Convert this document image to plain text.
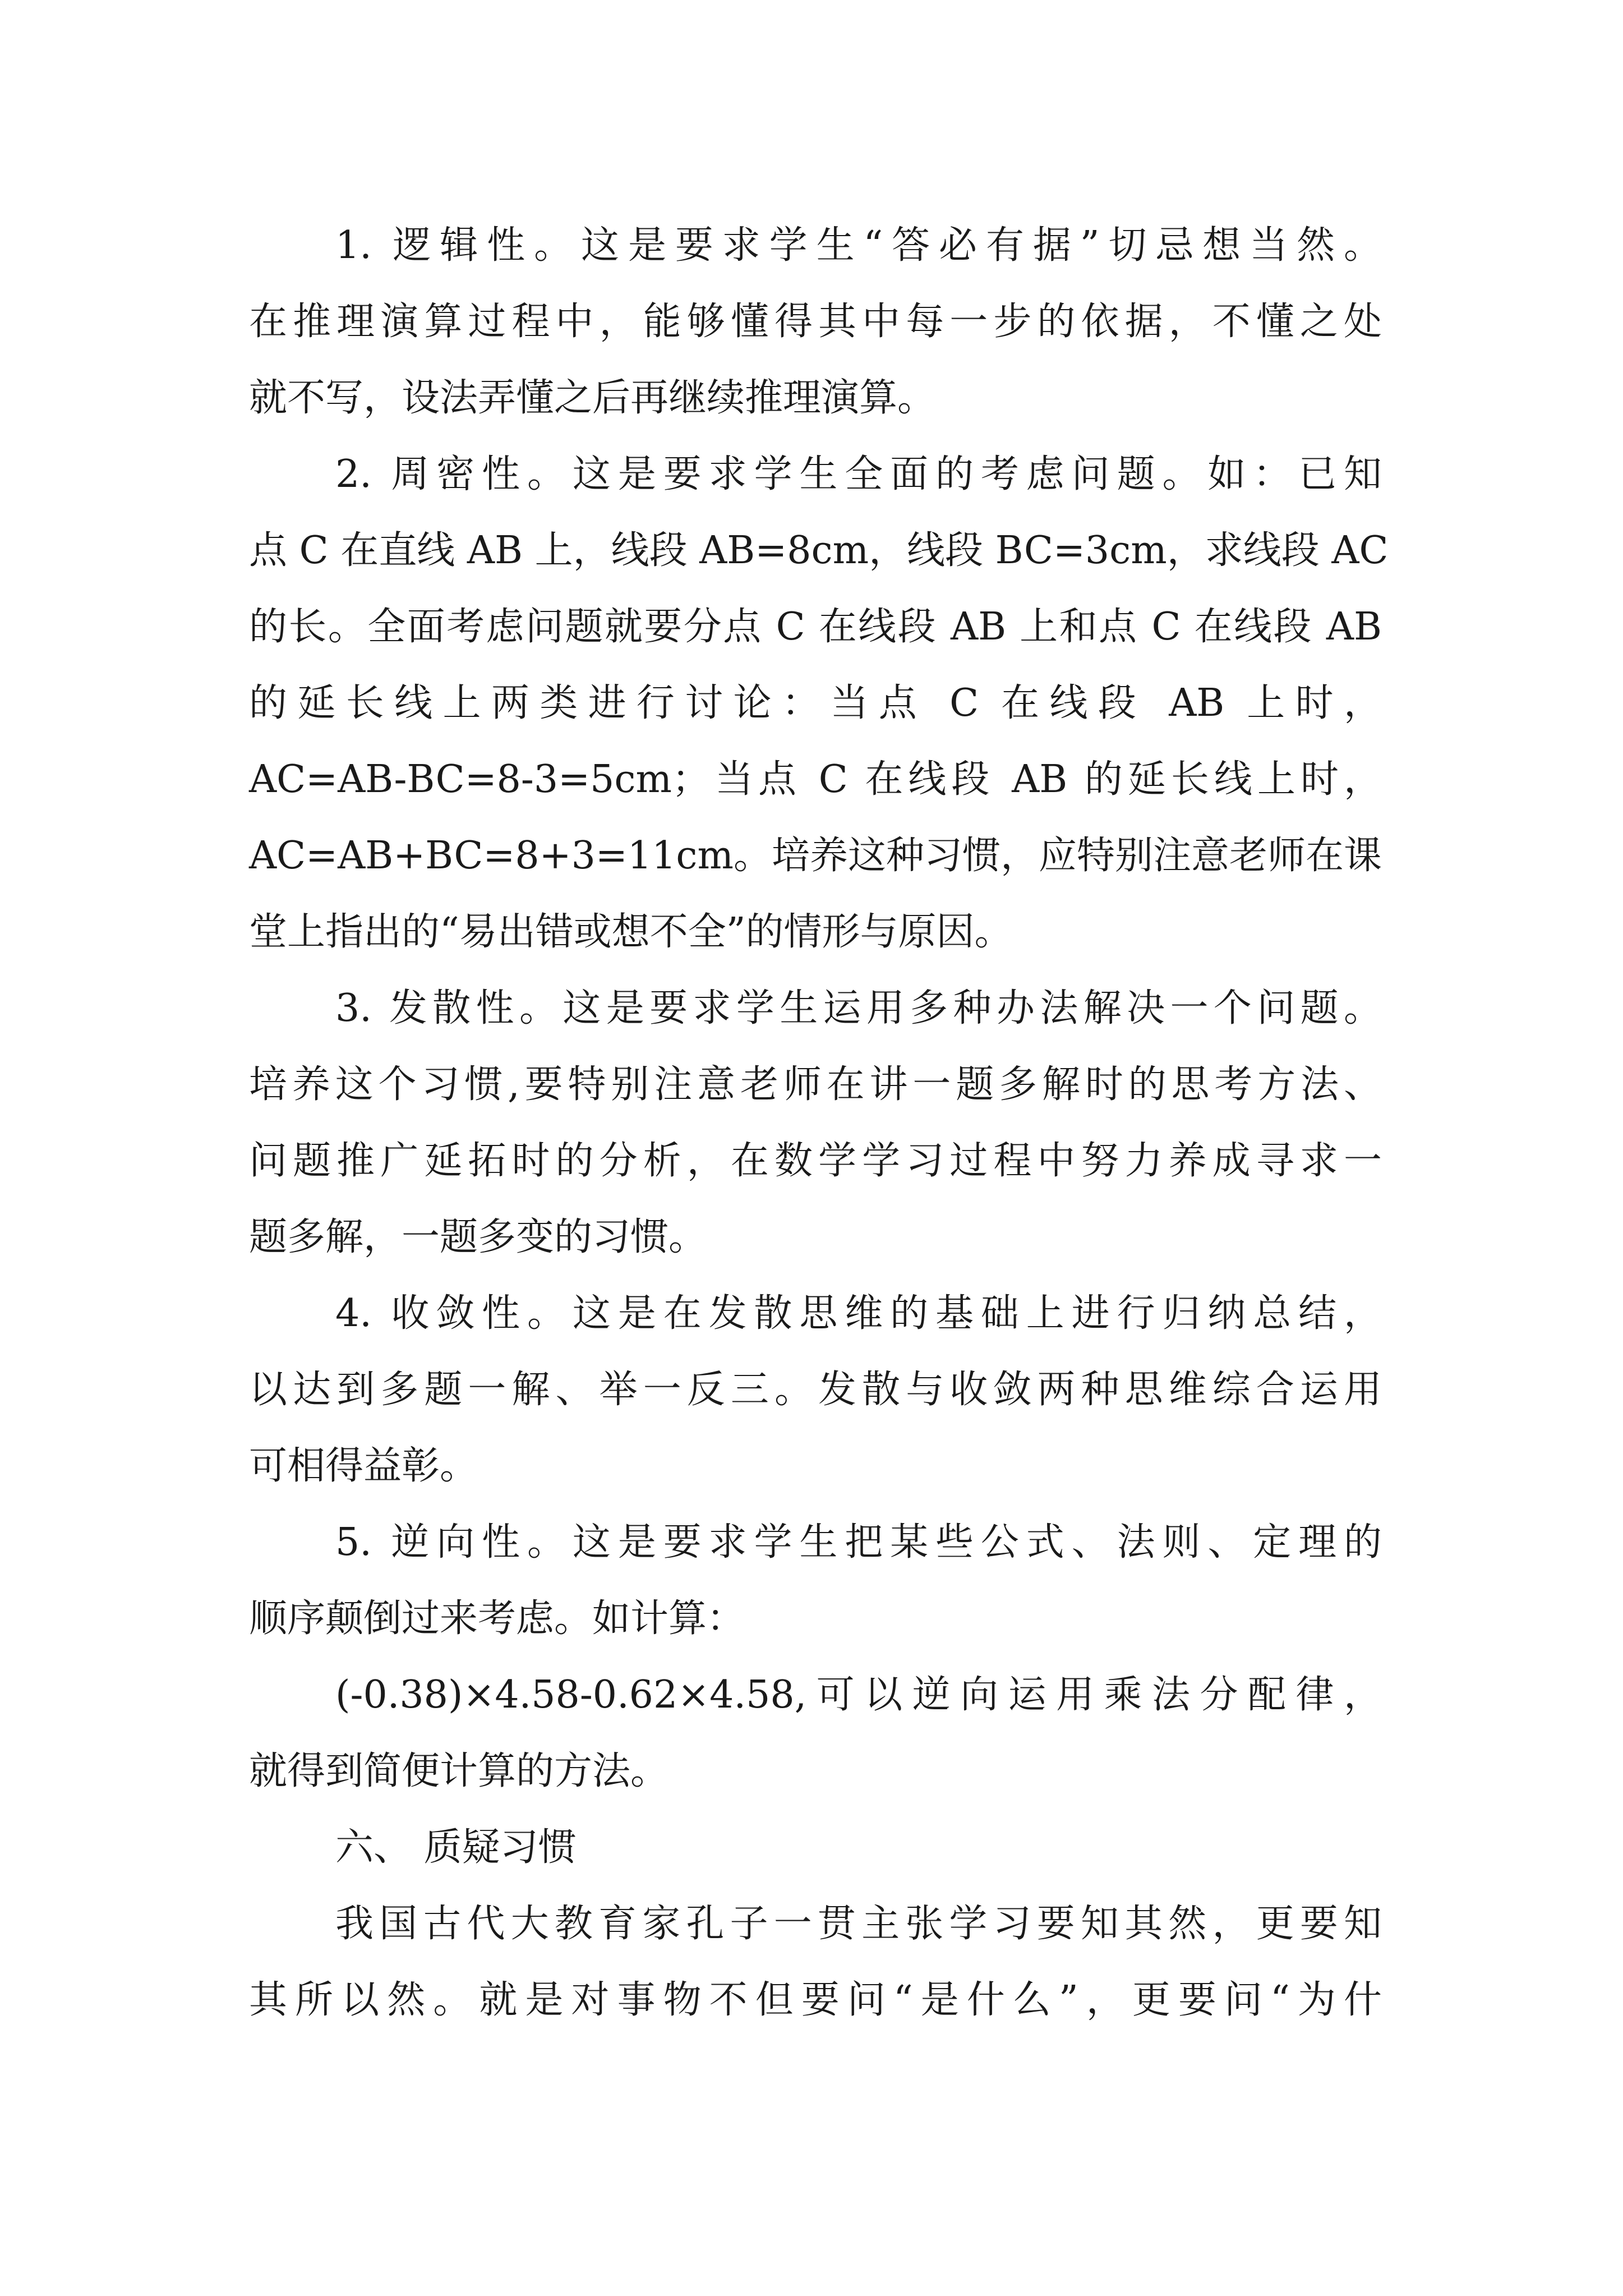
1. 逻辑性。这是要求学生“答必有据”切忌想当然。
在推理演算过程中，能够懂得其中每一步的依据，不懂之处
就不写，设法弄懂之后再继续推理演算。
2. 周密性。这是要求学生全面的考虑问题。如：已知
点 C 在直线 AB 上，线段 AB=8cm，线段 BC=3cm，求线段 AC
的长。全面考虑问题就要分点 C 在线段 AB 上和点 C 在线段 AB
的延长线上两类进行讨论：当点 C 在线段 AB 上时，
AC=AB-BC=8-3=5cm；当点 C 在线段 AB 的延长线上时，
AC=AB+BC=8+3=11cm。培养这种习惯，应特别注意老师在课
堂上指出的“易出错或想不全”的情形与原因。
3. 发散性。这是要求学生运用多种办法解决一个问题。
培养这个习惯,要特别注意老师在讲一题多解时的思考方法、
问题推广延拓时的分析，在数学学习过程中努力养成寻求一
题多解，一题多变的习惯。
4. 收敛性。这是在发散思维的基础上进行归纳总结，
以达到多题一解、举一反三。发散与收敛两种思维综合运用
可相得益彰。
5. 逆向性。这是要求学生把某些公式、法则、定理的
顺序颠倒过来考虑。如计算：
(-0.38)×4.58-0.62×4.58,可以逆向运用乘法分配律，
就得到简便计算的方法。
六、 质疑习惯
我国古代大教育家孔子一贯主张学习要知其然，更要知
其所以然。就是对事物不但要问“是什么”，更要问“为什
